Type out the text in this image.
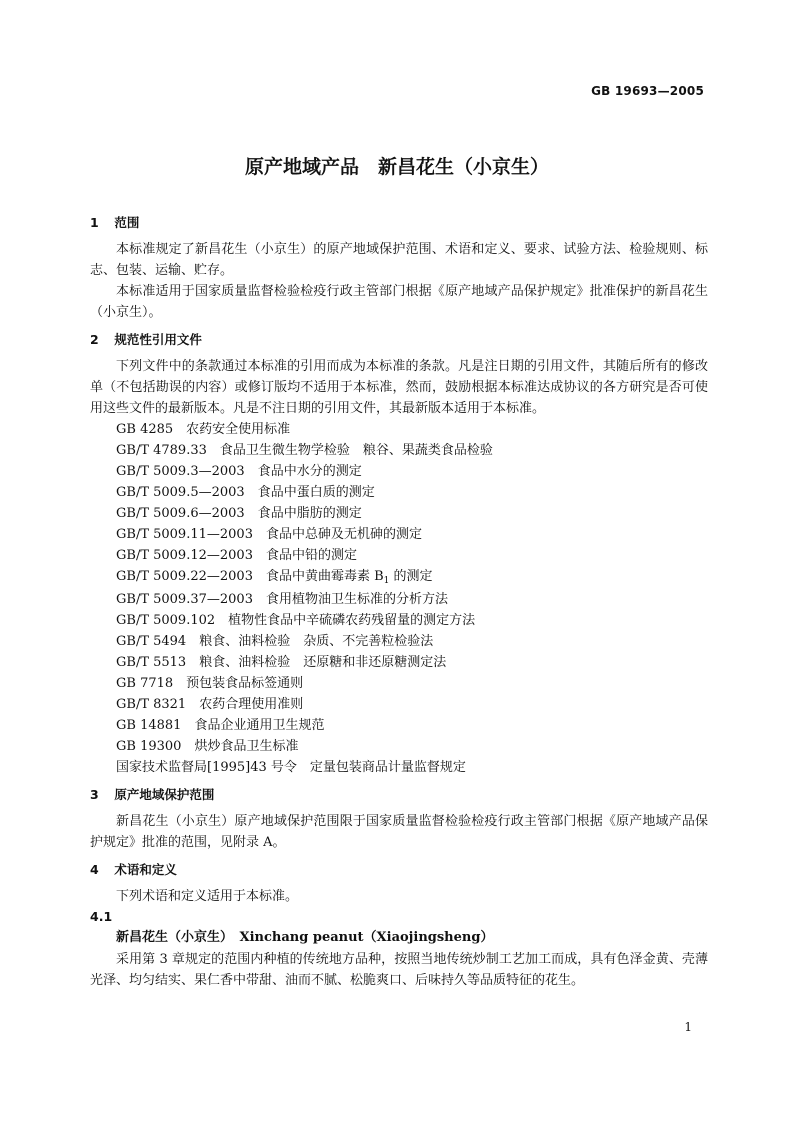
GB 19693—2005
原产地域产品　新昌花生（小京生）
1 范围

本标准规定了新昌花生（小京生）的原产地域保护范围、术语和定义、要求、试验方法、检验规则、标志、包装、运输、贮存。

本标准适用于国家质量监督检验检疫行政主管部门根据《原产地域产品保护规定》批准保护的新昌花生（小京生）。

2 规范性引用文件

下列文件中的条款通过本标准的引用而成为本标准的条款。凡是注日期的引用文件，其随后所有的修改单（不包括勘误的内容）或修订版均不适用于本标准，然而，鼓励根据本标准达成协议的各方研究是否可使用这些文件的最新版本。凡是不注日期的引用文件，其最新版本适用于本标准。

GB 4285　 农药安全使用标准
GB/T 4789.33　 食品卫生微生物学检验　粮谷、果蔬类食品检验
GB/T 5009.3—2003　 食品中水分的测定
GB/T 5009.5—2003　 食品中蛋白质的测定
GB/T 5009.6—2003　 食品中脂肪的测定
GB/T 5009.11—2003　 食品中总砷及无机砷的测定
GB/T 5009.12—2003　 食品中铅的测定
GB/T 5009.22—2003　 食品中黄曲霉毒素 $B_1$ 的测定
GB/T 5009.37—2003　 食用植物油卫生标准的分析方法
GB/T 5009.102　 植物性食品中辛硫磷农药残留量的测定方法
GB/T 5494　 粮食、油料检验　杂质、不完善粒检验法
GB/T 5513　 粮食、油料检验　还原糖和非还原糖测定法
GB 7718　 预包装食品标签通则
GB/T 8321　 农药合理使用准则
GB 14881　 食品企业通用卫生规范
GB 19300　 烘炒食品卫生标准
国家技术监督局[1995]43 号令　 定量包装商品计量监督规定
3 原产地域保护范围

新昌花生（小京生）原产地域保护范围限于国家质量监督检验检疫行政主管部门根据《原产地域产品保护规定》批准的范围，见附录 A。

4 术语和定义

下列术语和定义适用于本标准。

4.1
新昌花生（小京生）　 Xinchang peanut（Xiaojingsheng）

采用第 3 章规定的范围内种植的传统地方品种，按照当地传统炒制工艺加工而成，具有色泽金黄、壳薄光泽、均匀结实、果仁香中带甜、油而不腻、松脆爽口、后味持久等品质特征的花生。

1
